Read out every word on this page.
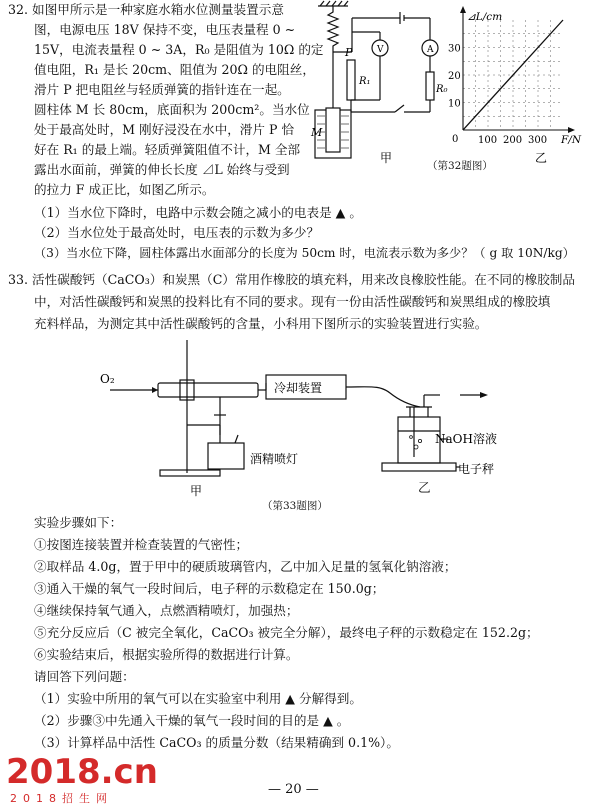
32. 如图甲所示是一种家庭水箱水位测量装置示意
图，电源电压 18V 保持不变，电压表量程 0 ~
15V，电流表量程 0 ~ 3A，R₀ 是阻值为 10Ω 的定
值电阻，R₁ 是长 20cm、阻值为 20Ω 的电阻丝，
滑片 P 把电阻丝与轻质弹簧的指针连在一起。
圆柱体 M 长 80cm，底面积为 200cm²。当水位
处于最高处时，M 刚好浸没在水中，滑片 P 恰
好在 R₁ 的最上端。轻质弹簧阻值不计，M 全部
露出水面前，弹簧的伸长长度 ⊿L 始终与受到
的拉力 F 成正比，如图乙所示。
（1）当水位下降时，电路中示数会随之减小的电表是 ▲ 。
（2）当水位处于最高处时，电压表的示数为多少？
（3）当水位下降，圆柱体露出水面部分的长度为 50cm 时，电流表示数为多少？（ g 取 10N/kg）
P
R₁
V	A
R₀
M
甲
10
20
30
100 200 300
⊿L/cm
F/N
0
乙
（第32题图）
33. 活性碳酸钙（CaCO₃）和炭黑（C）常用作橡胶的填充料，用来改良橡胶性能。在不同的橡胶制品
中，对活性碳酸钙和炭黑的投料比有不同的要求。现有一份由活性碳酸钙和炭黑组成的橡胶填
充料样品，为测定其中活性碳酸钙的含量，小科用下图所示的实验装置进行实验。
O₂
冷却装置
酒精喷灯
NaOH溶液
电子秤
甲	乙
（第33题图）
实验步骤如下：
①按图连接装置并检查装置的气密性；
②取样品 4.0g，置于甲中的硬质玻璃管内，乙中加入足量的氢氧化钠溶液；
③通入干燥的氧气一段时间后，电子秤的示数稳定在 150.0g；
④继续保持氧气通入，点燃酒精喷灯，加强热；
⑤充分反应后（C 被完全氧化，CaCO₃ 被完全分解），最终电子秤的示数稳定在 152.2g；
⑥实验结束后，根据实验所得的数据进行计算。
请回答下列问题：
（1）实验中所用的氧气可以在实验室中利用 ▲ 分解得到。
（2）步骤③中先通入干燥的氧气一段时间的目的是 ▲ 。
（3）计算样品中活性 CaCO₃ 的质量分数（结果精确到 0.1%）。
— 20 —
2018.cn
2018招生网
